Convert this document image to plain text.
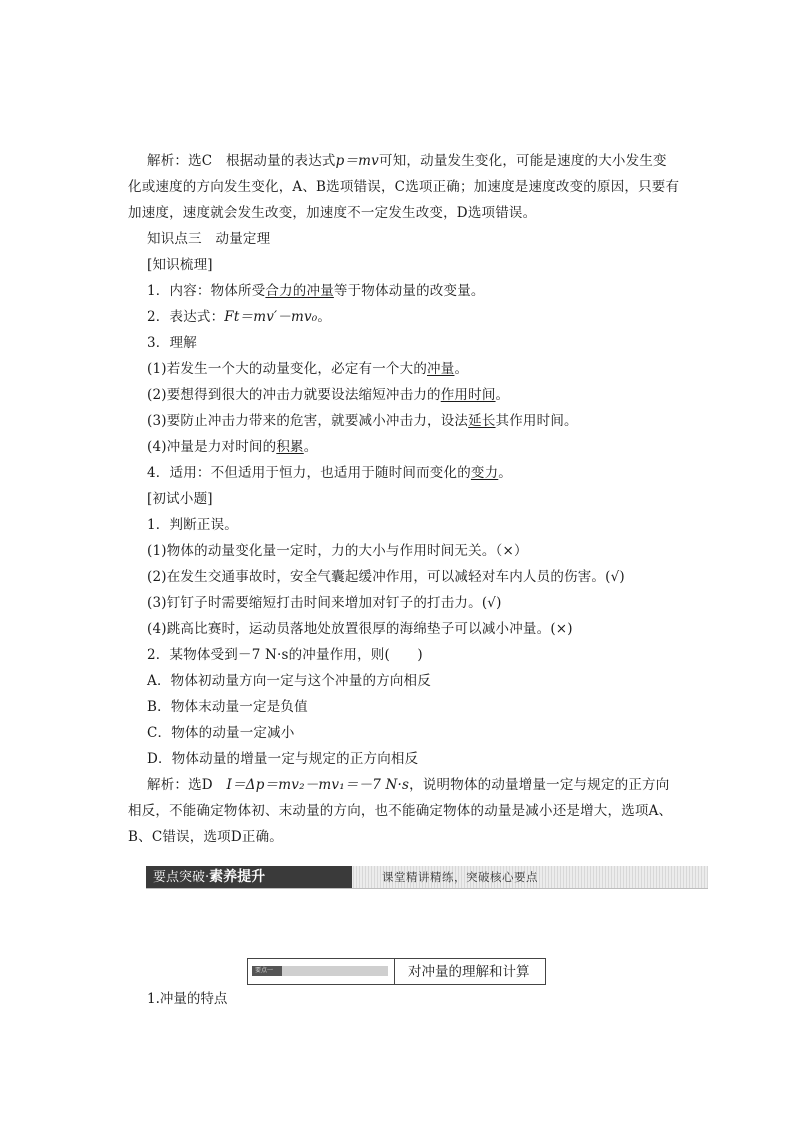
解析：选C　根据动量的表达式p＝mv可知，动量发生变化，可能是速度的大小发生变
化或速度的方向发生变化，A、B选项错误，C选项正确；加速度是速度改变的原因，只要有
加速度，速度就会发生改变，加速度不一定发生改变，D选项错误。
知识点三　动量定理
[知识梳理]
1．内容：物体所受合力的冲量等于物体动量的改变量。
2．表达式：Ft＝mv′－mv₀。
3．理解
(1)若发生一个大的动量变化，必定有一个大的冲量。
(2)要想得到很大的冲击力就要设法缩短冲击力的作用时间。
(3)要防止冲击力带来的危害，就要减小冲击力，设法延长其作用时间。
(4)冲量是力对时间的积累。
4．适用：不但适用于恒力，也适用于随时间而变化的变力。
[初试小题]
1．判断正误。
(1)物体的动量变化量一定时，力的大小与作用时间无关。（×）
(2)在发生交通事故时，安全气囊起缓冲作用，可以减轻对车内人员的伤害。(√)
(3)钉钉子时需要缩短打击时间来增加对钉子的打击力。(√)
(4)跳高比赛时，运动员落地处放置很厚的海绵垫子可以减小冲量。(×)
2．某物体受到－7 N·s的冲量作用，则(　　)
A．物体初动量方向一定与这个冲量的方向相反
B．物体末动量一定是负值
C．物体的动量一定减小
D．物体动量的增量一定与规定的正方向相反
解析：选D　I＝Δp＝mv₂－mv₁＝－7 N·s，说明物体的动量增量一定与规定的正方向
相反，不能确定物体初、末动量的方向，也不能确定物体的动量是减小还是增大，选项A、
B、C错误，选项D正确。
要点突破·素养提升	课堂精讲精练，突破核心要点
要点一	对冲量的理解和计算
1.冲量的特点
